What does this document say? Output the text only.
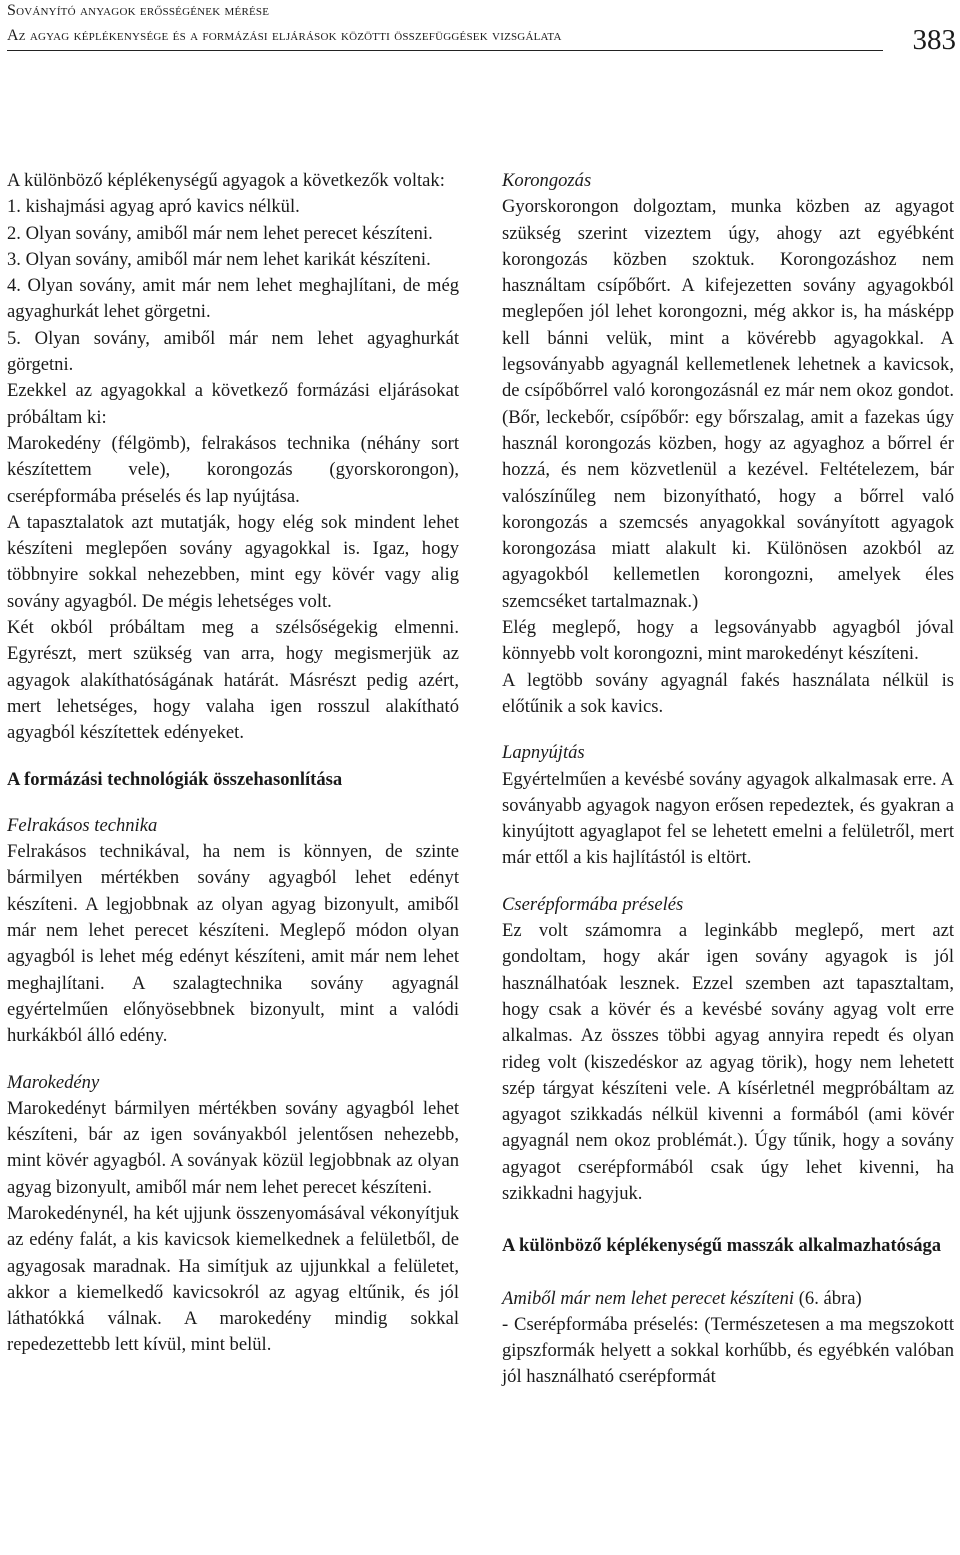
Soványító anyagok erősségének mérése
Az agyag képlékenysége és a formázási eljárások közötti összefüggések vizsgálata	383

A különböző képlékenységű agyagok a következők voltak:

1. kishajmási agyag apró kavics nélkül.

2. Olyan sovány, amiből már nem lehet perecet készíteni.

3. Olyan sovány, amiből már nem lehet karikát készíteni.

4. Olyan sovány, amit már nem lehet meghajlítani, de még agyaghurkát lehet görgetni.

5. Olyan sovány, amiből már nem lehet agyaghurkát görgetni.

Ezekkel az agyagokkal a következő formázási eljárásokat próbáltam ki:

Marokedény (félgömb), felrakásos technika (néhány sort készítettem vele), korongozás (gyorskorongon), cserépformába préselés és lap nyújtása.

A tapasztalatok azt mutatják, hogy elég sok mindent lehet készíteni meglepően sovány agyagokkal is. Igaz, hogy többnyire sokkal nehezebben, mint egy kövér vagy alig sovány agyagból. De mégis lehetséges volt.

Két okból próbáltam meg a szélsőségekig elmenni. Egyrészt, mert szükség van arra, hogy megismerjük az agyagok alakíthatóságának határát. Másrészt pedig azért, mert lehetséges, hogy valaha igen rosszul alakítható agyagból készítettek edényeket.

A formázási technológiák összehasonlítása

Felrakásos technika

Felrakásos technikával, ha nem is könnyen, de szinte bármilyen mértékben sovány agyagból lehet edényt készíteni. A legjobbnak az olyan agyag bizonyult, amiből már nem lehet perecet készíteni. Meglepő módon olyan agyagból is lehet még edényt készíteni, amit már nem lehet meghajlítani. A szalagtechnika sovány agyagnál egyértelműen előnyösebbnek bizonyult, mint a valódi hurkákból álló edény.

Marokedény

Marokedényt bármilyen mértékben sovány agyagból lehet készíteni, bár az igen soványakból jelentősen nehezebb, mint kövér agyagból. A soványak közül legjobbnak az olyan agyag bizonyult, amiből már nem lehet perecet készíteni.

Marokedénynél, ha két ujjunk összenyomásával vékonyítjuk az edény falát, a kis kavicsok kiemelkednek a felületből, de agyagosak maradnak. Ha simítjuk az ujjunkkal a felületet, akkor a kiemelkedő kavicsokról az agyag eltűnik, és jól láthatókká válnak. A marokedény mindig sokkal repedezettebb lett kívül, mint belül.

Korongozás

Gyorskorongon dolgoztam, munka közben az agyagot szükség szerint vizeztem úgy, ahogy azt egyébként korongozás közben szoktuk. Korongozáshoz nem használtam csípőbőrt. A kifejezetten sovány agyagokból meglepően jól lehet korongozni, még akkor is, ha másképp kell bánni velük, mint a kövérebb agyagokkal. A legsoványabb agyagnál kellemetlenek lehetnek a kavicsok, de csípőbőrrel való korongozásnál ez már nem okoz gondot. (Bőr, leckebőr, csípőbőr: egy bőrszalag, amit a fazekas úgy használ korongozás közben, hogy az agyaghoz a bőrrel ér hozzá, és nem közvetlenül a kezével. Feltételezem, bár valószínűleg nem bizonyítható, hogy a bőrrel való korongozás a szemcsés anyagokkal soványított agyagok korongozása miatt alakult ki. Különösen azokból az agyagokból kellemetlen korongozni, amelyek éles szemcséket tartalmaznak.)

Elég meglepő, hogy a legsoványabb agyagból jóval könnyebb volt korongozni, mint marokedényt készíteni.

A legtöbb sovány agyagnál fakés használata nélkül is előtűnik a sok kavics.

Lapnyújtás

Egyértelműen a kevésbé sovány agyagok alkalmasak erre. A soványabb agyagok nagyon erősen repedeztek, és gyakran a kinyújtott agyaglapot fel se lehetett emelni a felületről, mert már ettől a kis hajlítástól is eltört.

Cserépformába préselés

Ez volt számomra a leginkább meglepő, mert azt gondoltam, hogy akár igen sovány agyagok is jól használhatóak lesznek. Ezzel szemben azt tapasztaltam, hogy csak a kövér és a kevésbé sovány agyag volt erre alkalmas. Az összes többi agyag annyira repedt és olyan rideg volt (kiszedéskor az agyag törik), hogy nem lehetett szép tárgyat készíteni vele. A kísérletnél megpróbáltam az agyagot szikkadás nélkül kivenni a formából (ami kövér agyagnál nem okoz problémát.). Úgy tűnik, hogy a sovány agyagot cserépformából csak úgy lehet kivenni, ha szikkadni hagyjuk.

A különböző képlékenységű masszák alkalmazhatósága

Amiből már nem lehet perecet készíteni (6. ábra)

- Cserépformába préselés: (Természetesen a ma megszokott gipszformák helyett a sokkal korhűbb, és egyébkén valóban jól használható cserépformát
